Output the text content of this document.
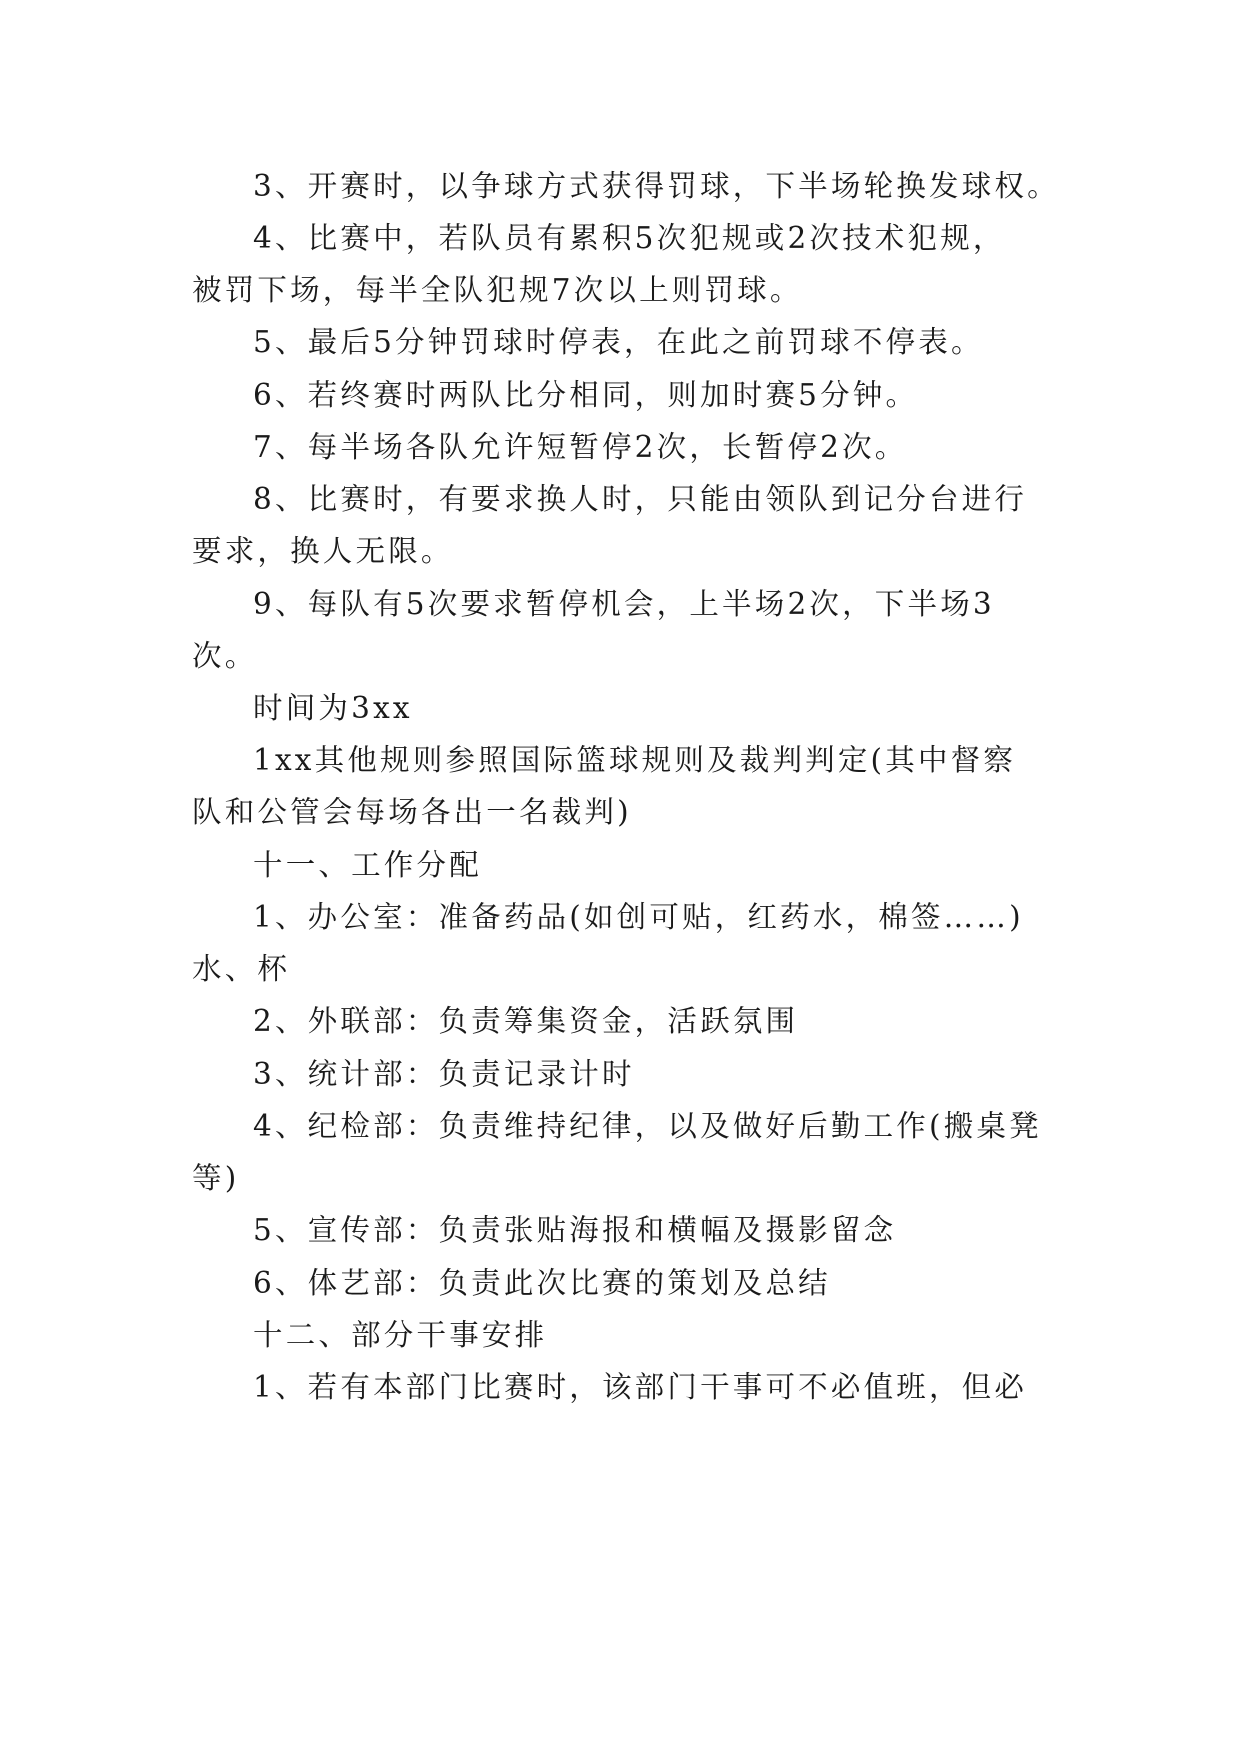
3、开赛时，以争球方式获得罚球，下半场轮换发球权。
4、比赛中，若队员有累积5次犯规或2次技术犯规，
被罚下场，每半全队犯规7次以上则罚球。
5、最后5分钟罚球时停表，在此之前罚球不停表。
6、若终赛时两队比分相同，则加时赛5分钟。
7、每半场各队允许短暂停2次，长暂停2次。
8、比赛时，有要求换人时，只能由领队到记分台进行
要求，换人无限。
9、每队有5次要求暂停机会，上半场2次，下半场3
次。
时间为3xx
1xx其他规则参照国际篮球规则及裁判判定(其中督察
队和公管会每场各出一名裁判)
十一、工作分配
1、办公室：准备药品(如创可贴，红药水，棉签……)
水、杯
2、外联部：负责筹集资金，活跃氛围
3、统计部：负责记录计时
4、纪检部：负责维持纪律，以及做好后勤工作(搬桌凳
等)
5、宣传部：负责张贴海报和横幅及摄影留念
6、体艺部：负责此次比赛的策划及总结
十二、部分干事安排
1、若有本部门比赛时，该部门干事可不必值班，但必
